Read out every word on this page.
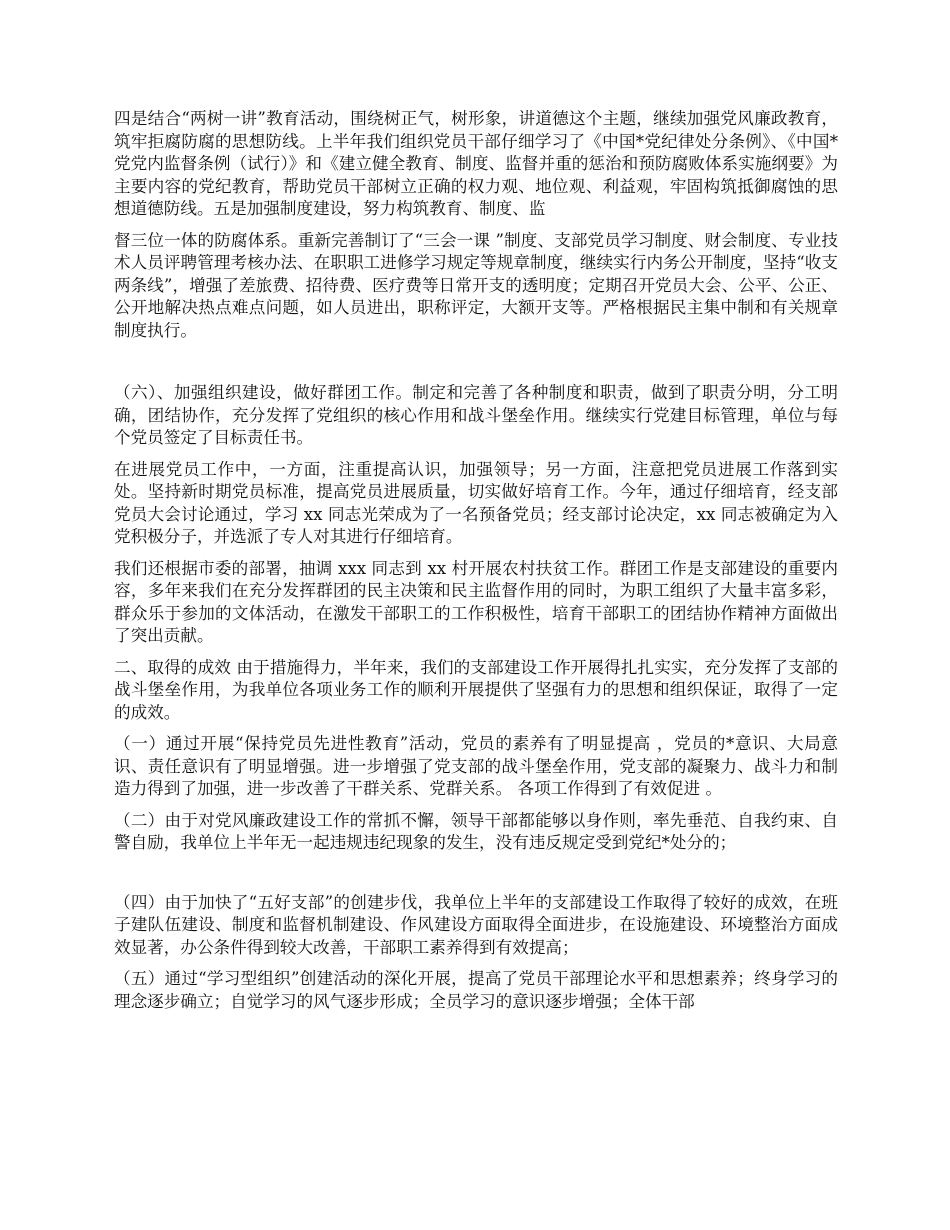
四是结合“两树一讲”教育活动，围绕树正气，树形象，讲道德这个主题，继续加强党风廉政教育，筑牢拒腐防腐的思想防线。上半年我们组织党员干部仔细学习了《中国*党纪律处分条例》、《中国*党党内监督条例（试行）》和《建立健全教育、制度、监督并重的惩治和预防腐败体系实施纲要》为主要内容的党纪教育，帮助党员干部树立正确的权力观、地位观、利益观，牢固构筑抵御腐蚀的思想道德防线。五是加强制度建设，努力构筑教育、制度、监

督三位一体的防腐体系。重新完善制订了“三会一课 ”制度、支部党员学习制度、财会制度、专业技术人员评聘管理考核办法、在职职工进修学习规定等规章制度，继续实行内务公开制度，坚持“收支两条线”，增强了差旅费、招待费、医疗费等日常开支的透明度；定期召开党员大会、公平、公正、公开地解决热点难点问题，如人员进出，职称评定，大额开支等。严格根据民主集中制和有关规章制度执行。

（六）、加强组织建设，做好群团工作。制定和完善了各种制度和职责，做到了职责分明，分工明确，团结协作，充分发挥了党组织的核心作用和战斗堡垒作用。继续实行党建目标管理，单位与每个党员签定了目标责任书。

在进展党员工作中，一方面，注重提高认识，加强领导；另一方面，注意把党员进展工作落到实处。坚持新时期党员标准，提高党员进展质量，切实做好培育工作。今年，通过仔细培育，经支部党员大会讨论通过，学习 xx 同志光荣成为了一名预备党员；经支部讨论决定，xx 同志被确定为入党积极分子，并选派了专人对其进行仔细培育。

我们还根据市委的部署，抽调 xxx 同志到 xx 村开展农村扶贫工作。群团工作是支部建设的重要内容，多年来我们在充分发挥群团的民主决策和民主监督作用的同时，为职工组织了大量丰富多彩，群众乐于参加的文体活动，在激发干部职工的工作积极性，培育干部职工的团结协作精神方面做出了突出贡献。

二、取得的成效 由于措施得力，半年来，我们的支部建设工作开展得扎扎实实，充分发挥了支部的战斗堡垒作用，为我单位各项业务工作的顺利开展提供了坚强有力的思想和组织保证，取得了一定的成效。

（一）通过开展“保持党员先进性教育”活动，党员的素养有了明显提高 ，党员的*意识、大局意识、责任意识有了明显增强。进一步增强了党支部的战斗堡垒作用，党支部的凝聚力、战斗力和制造力得到了加强，进一步改善了干群关系、党群关系。 各项工作得到了有效促进 。

（二）由于对党风廉政建设工作的常抓不懈，领导干部都能够以身作则，率先垂范、自我约束、自警自励，我单位上半年无一起违规违纪现象的发生，没有违反规定受到党纪*处分的；

（四）由于加快了“五好支部”的创建步伐，我单位上半年的支部建设工作取得了较好的成效，在班子建队伍建设、制度和监督机制建设、作风建设方面取得全面进步，在设施建设、环境整治方面成效显著，办公条件得到较大改善，干部职工素养得到有效提高；

（五）通过“学习型组织”创建活动的深化开展，提高了党员干部理论水平和思想素养；终身学习的理念逐步确立；自觉学习的风气逐步形成；全员学习的意识逐步增强；全体干部
